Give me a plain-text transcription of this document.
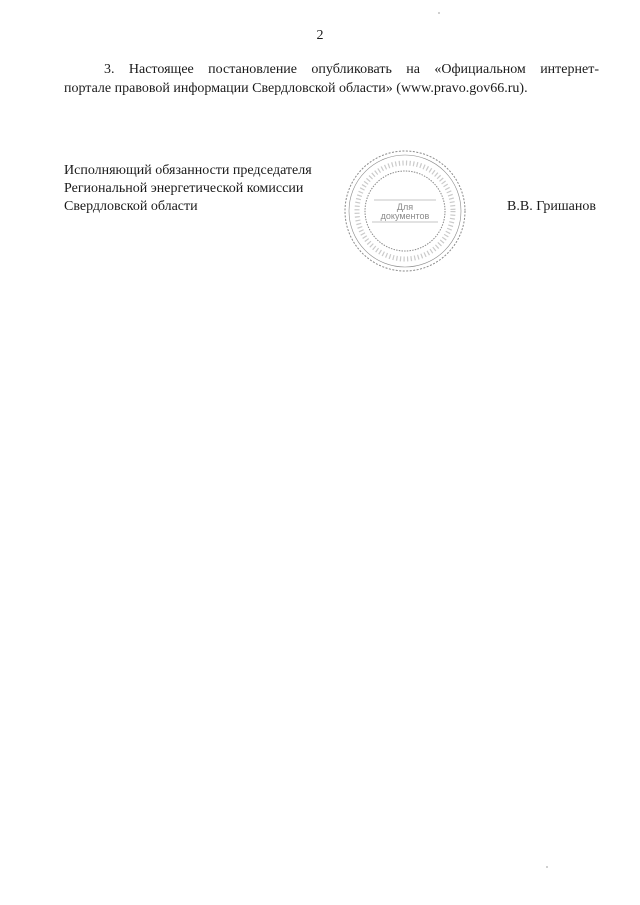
2
3. Настоящее постановление опубликовать на «Официальном интернет-
портале правовой информации Свердловской области» (www.pravo.gov66.ru).
Исполняющий обязанности председателя
Региональной энергетической комиссии
Свердловской области	Для
документов
В.В. Гришанов
